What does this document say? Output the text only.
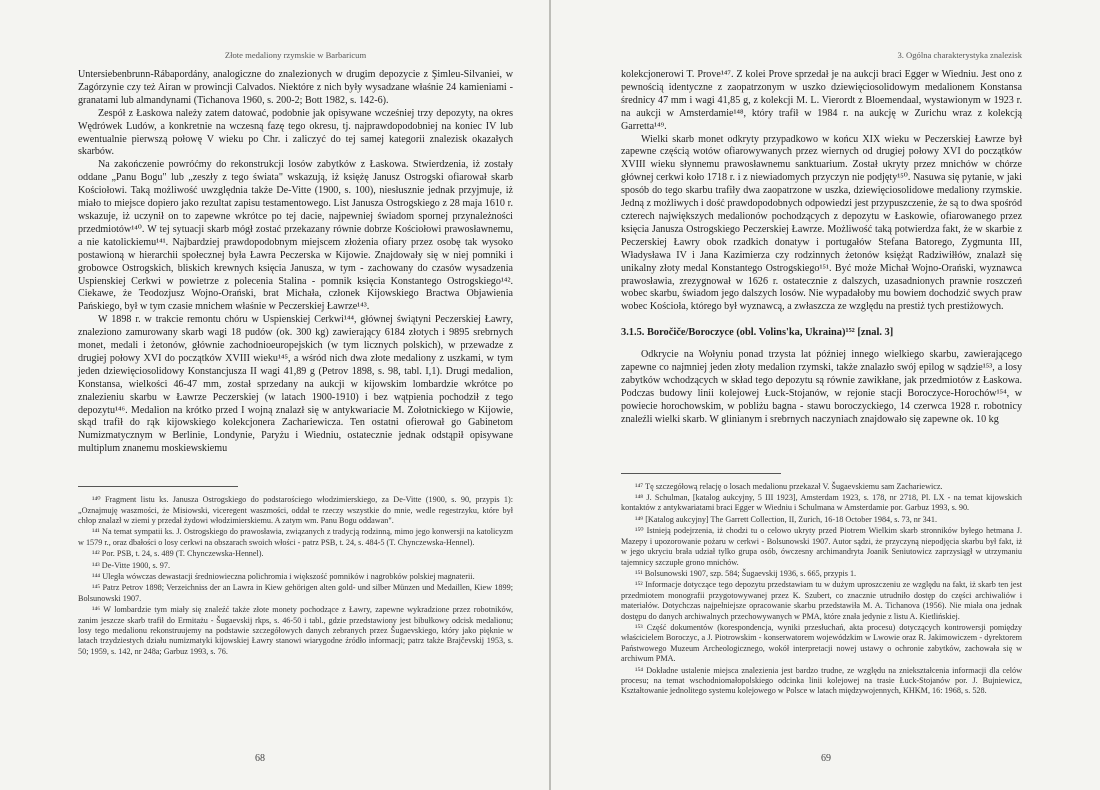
Złote medaliony rzymskie w Barbaricum

Untersiebenbrunn-Rábapordány, analogiczne do znalezionych w drugim depozycie z Şimleu-Silvaniei, w Zagórzynie czy też Airan w prowincji Calvados. Niektóre z nich były wysadzane właśnie 24 kamieniami - granatami lub almandynami (Tichanova 1960, s. 200-2; Bott 1982, s. 142-6).

Zespół z Łaskowa należy zatem datować, podobnie jak opisywane wcześniej trzy depozyty, na okres Wędrówek Ludów, a konkretnie na wczesną fazę tego okresu, tj. najprawdopodobniej na koniec IV lub ewentualnie pierwszą połowę V wieku po Chr. i zaliczyć do tej samej kategorii znalezisk okazałych skarbów.

Na zakończenie powróćmy do rekonstrukcji losów zabytków z Łaskowa. Stwierdzenia, iż zostały oddane „Panu Bogu" lub „zeszły z tego świata" wskazują, iż księżę Janusz Ostrogski ofiarował skarb Kościołowi. Taką możliwość uwzględnia także De-Vitte (1900, s. 100), niesłusznie jednak przyjmuje, iż miało to miejsce dopiero jako rezultat zapisu testamentowego. List Janusza Ostrogskiego z 28 maja 1610 r. wskazuje, iż uczynił on to zapewne wkrótce po tej dacie, najpewniej świadom spornej przynależności przedmiotów¹⁴⁰. W tej sytuacji skarb mógł zostać przekazany równie dobrze Kościołowi prawosławnemu, a nie katolickiemu¹⁴¹. Najbardziej prawdopodobnym miejscem złożenia ofiary przez osobę tak wysoko postawioną w hierarchii społecznej była Ławra Peczerska w Kijowie. Znajdowały się w niej pomniki i grobowce Ostrogskich, bliskich krewnych księcia Janusza, w tym - zachowany do czasów wysadzenia Uspienskiej Cerkwi w powietrze z polecenia Stalina - pomnik księcia Konstantego Ostrogskiego¹⁴². Ciekawe, że Teodozjusz Wojno-Orański, brat Michała, członek Kijowskiego Bractwa Objawienia Pańskiego, był w tym czasie mnichem właśnie w Peczerskiej Ławrze¹⁴³.

W 1898 r. w trakcie remontu chóru w Uspienskiej Cerkwi¹⁴⁴, głównej świątyni Peczerskiej Ławry, znaleziono zamurowany skarb wagi 18 pudów (ok. 300 kg) zawierający 6184 złotych i 9895 srebrnych monet, medali i żetonów, głównie zachodnioeuropejskich (w tym licznych polskich), w przewadze z drugiej połowy XVI do początków XVIII wieku¹⁴⁵, a wśród nich dwa złote medaliony z uszkami, w tym jeden dziewięciosolidowy Konstancjusza II wagi 41,89 g (Petrov 1898, s. 98, tabl. I,1). Drugi medalion, Konstansa, wielkości 46-47 mm, został sprzedany na aukcji w kijowskim lombardzie wkrótce po znalezieniu skarbu w Ławrze Peczerskiej (w latach 1900-1910) i bez wątpienia pochodził z tego depozytu¹⁴⁶. Medalion na krótko przed I wojną znalazł się w antykwariacie M. Zołotnickiego w Kijowie, skąd trafił do rąk kijowskiego kolekcjonera Zachariewicza. Ten ostatni ofierował go Gabinetom Numizmatycznym w Berlinie, Londynie, Paryżu i Wiedniu, ostatecznie jednak odstąpił opisywane multiplum znanemu moskiewskiemu

¹⁴⁰ Fragment listu ks. Janusza Ostrogskiego do podstarościego włodzimierskiego, za De-Vitte (1900, s. 90, przypis 1): „Oznajmuję waszmości, że Misiowski, viceregent waszmości, oddał te rzeczy wszystkie do mnie, wedle regestrzyku, które był chłop znalazł w ziemi y przedał żydowi włodzimierskiemu. A zatym wm. Panu Bogu oddawan".

¹⁴¹ Na temat sympatii ks. J. Ostrogskiego do prawosławia, związanych z tradycją rodzinną, mimo jego konwersji na katolicyzm w 1579 r., oraz dbałości o losy cerkwi na obszarach swoich włości - patrz PSB, t. 24, s. 484-5 (T. Chynczewska-Hennel).

¹⁴² Por. PSB, t. 24, s. 489 (T. Chynczewska-Hennel).

¹⁴³ De-Vitte 1900, s. 97.

¹⁴⁴ Uległa wówczas dewastacji średniowieczna polichromia i większość pomników i nagrobków polskiej magnaterii.

¹⁴⁵ Patrz Petrov 1898; Verzeichniss der an Lawra in Kiew gehörigen alten gold- und silber Münzen und Medaillen, Kiew 1899; Bolsunowski 1907.

¹⁴⁶ W lombardzie tym miały się znaleźć także złote monety pochodzące z Ławry, zapewne wykradzione przez robotników, zanim jeszcze skarb trafił do Ermitażu - Šugaevskij rkps, s. 46-50 i tabl., gdzie przedstawiony jest bibułkowy odcisk medalionu; losy tego medalionu rekonstruujemy na podstawie szczegółowych danych zebranych przez Šugaevskiego, który jako pięknie w latach trzydziestych działu numizmatyki kijowskiej Ławry stanowi wiarygodne źródło informacji; patrz także Brajčevskij 1953, s. 50; 1959, s. 142, nr 248a; Garbuz 1993, s. 76.

68
3. Ogólna charakterystyka znalezisk

kolekcjonerowi T. Prove¹⁴⁷. Z kolei Prove sprzedał je na aukcji braci Egger w Wiedniu. Jest ono z pewnością identyczne z zaopatrzonym w uszko dziewięciosolidowym medalionem Konstansa średnicy 47 mm i wagi 41,85 g, z kolekcji M. L. Vierordt z Bloemendaal, wystawionym w 1923 r. na aukcji w Amsterdamie¹⁴⁸, który trafił w 1984 r. na aukcję w Zurichu wraz z kolekcją Garretta¹⁴⁹.

Wielki skarb monet odkryty przypadkowo w końcu XIX wieku w Peczerskiej Ławrze był zapewne częścią wotów ofiarowywanych przez wiernych od drugiej połowy XVI do początków XVIII wieku słynnemu prawosławnemu sanktuarium. Został ukryty przez mnichów w chórze głównej cerkwi koło 1718 r. i z niewiadomych przyczyn nie podjęty¹⁵⁰. Nasuwa się pytanie, w jaki sposób do tego skarbu trafiły dwa zaopatrzone w uszka, dziewięciosolidowe medaliony rzymskie. Jedną z możliwych i dość prawdopodobnych odpowiedzi jest przypuszczenie, że są to dwa spośród czterech największych medalionów pochodzących z depozytu w Łaskowie, ofiarowanego przez księcia Janusza Ostrogskiego Peczerskiej Ławrze. Możliwość taką potwierdza fakt, że w skarbie z Peczerskiej Ławry obok rzadkich donatyw i portugałów Stefana Batorego, Zygmunta III, Władysława IV i Jana Kazimierza czy rodzinnych żetonów księżąt Radziwiłłów, znalazł się unikalny złoty medal Konstantego Ostrogskiego¹⁵¹. Być może Michał Wojno-Orański, wyznawca prawosławia, zrezygnował w 1626 r. ostatecznie z dalszych, uzasadnionych prawnie roszczeń wobec skarbu, świadom jego dalszych losów. Nie wypadałoby mu bowiem dochodzić swych praw wobec Kościoła, którego był wyznawcą, a zwłaszcza ze względu na prestiż tych prestiżowych.

3.1.5. Boročiče/Boroczyce (obl. Volins'ka, Ukraina)¹⁵² [znal. 3]

Odkrycie na Wołyniu ponad trzysta lat później innego wielkiego skarbu, zawierającego zapewne co najmniej jeden złoty medalion rzymski, także znalazło swój epilog w sądzie¹⁵³, a losy zabytków wchodzących w skład tego depozytu są równie zawikłane, jak przedmiotów z Łaskowa. Podczas budowy linii kolejowej Łuck-Stojanów, w rejonie stacji Boroczyce-Horochów¹⁵⁴, w powiecie horochowskim, w pobliżu bagna - stawu boroczyckiego, 14 czerwca 1928 r. robotnicy znaleźli wielki skarb. W glinianym i srebrnych naczyniach znajdowało się zapewne ok. 10 kg

¹⁴⁷ Tę szczegółową relację o losach medalionu przekazał V. Šugaevskiemu sam Zachariewicz.

¹⁴⁸ J. Schulman, [katalog aukcyjny, 5 III 1923], Amsterdam 1923, s. 178, nr 2718, Pl. LX - na temat kijowskich kontaktów z antykwariatami braci Egger w Wiedniu i Schulmana w Amsterdamie por. Garbuz 1993, s. 90.

¹⁴⁹ [Katalog aukcyjny] The Garrett Collection, II, Zurich, 16-18 October 1984, s. 73, nr 341.

¹⁵⁰ Istnieją podejrzenia, iż chodzi tu o celowo ukryty przed Piotrem Wielkim skarb stronników byłego hetmana J. Mazepy i upozorowanie pożaru w cerkwi - Bolsunowski 1907. Autor sądzi, że przyczyną niepodjęcia skarbu był fakt, iż w jego ukryciu brała udział tylko grupa osób, ówczesny archimandryta Joanik Seniutowicz zaprzysiągł w utrzymaniu tajemnicy szczupłe grono mnichów.

¹⁵¹ Bolsunowski 1907, szp. 584; Šugaevskij 1936, s. 665, przypis 1.

¹⁵² Informacje dotyczące tego depozytu przedstawiam tu w dużym uproszczeniu ze względu na fakt, iż skarb ten jest przedmiotem monografii przygotowywanej przez K. Szubert, co znacznie utrudniło dostęp do części archiwaliów i materiałów. Dotychczas najpełniejsze opracowanie skarbu przedstawiła M. A. Tichanova (1956). Nie miała ona jednak dostępu do danych archiwalnych przechowywanych w PMA, które znała jedynie z listu A. Kietlińskiej.

¹⁵³ Część dokumentów (korespondencja, wyniki przesłuchań, akta procesu) dotyczących kontrowersji pomiędzy właścicielem Boroczyc, a J. Piotrowskim - konserwatorem wojewódzkim w Lwowie oraz R. Jakimowiczem - dyrektorem Państwowego Muzeum Archeologicznego, wokół interpretacji nowej ustawy o ochronie zabytków, zachowała się w archiwum PMA.

¹⁵⁴ Dokładne ustalenie miejsca znalezienia jest bardzo trudne, ze względu na zniekształcenia informacji dla celów procesu; na temat wschodniomałopolskiego odcinka linii kolejowej na trasie Łuck-Stojanów por. J. Bujniewicz, Kształtowanie jednolitego systemu kolejowego w Polsce w latach międzywojennych, KHKM, 16: 1968, s. 528.

69
